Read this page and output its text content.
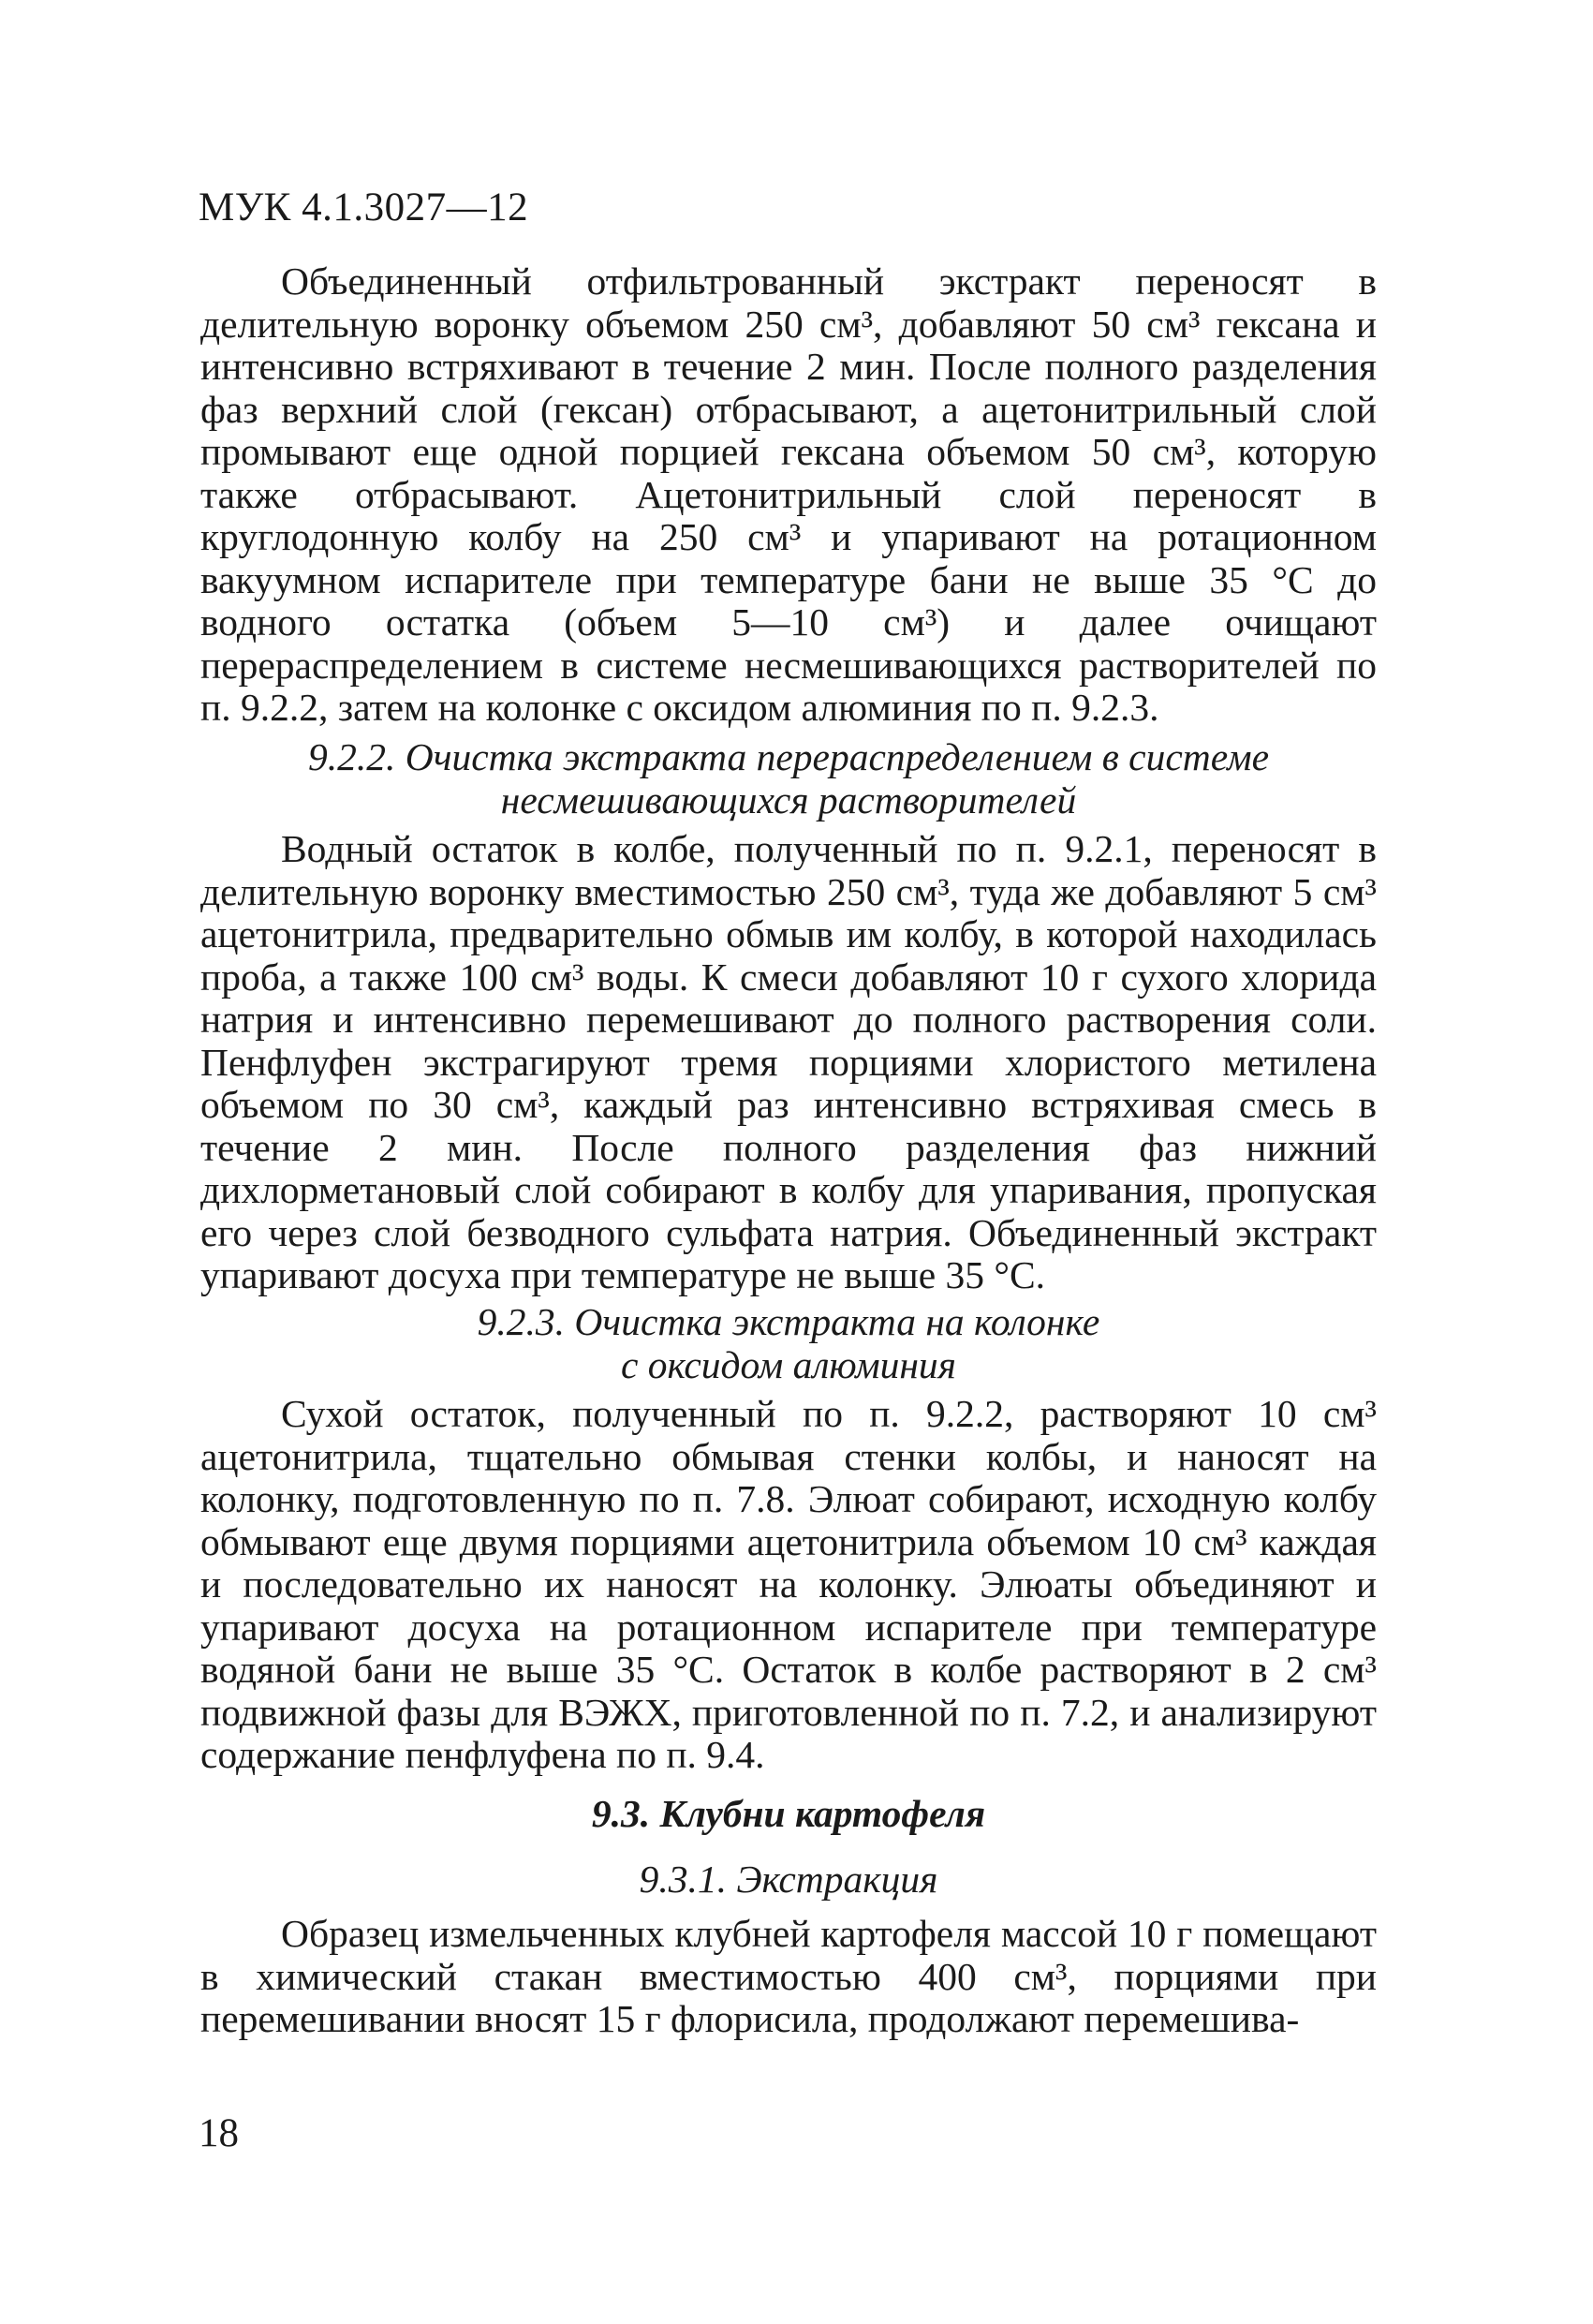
МУК 4.1.3027—12

Объединенный отфильтрованный экстракт переносят в делительную воронку объемом 250 см³, добавляют 50 см³ гексана и интенсивно встряхивают в течение 2 мин. После полного разделения фаз верхний слой (гексан) отбрасывают, а ацетонитрильный слой промывают еще одной порцией гексана объемом 50 см³, которую также отбрасывают. Ацетонитрильный слой переносят в круглодонную колбу на 250 см³ и упаривают на ротационном вакуумном испарителе при температуре бани не выше 35 °С до водного остатка (объем 5—10 см³) и далее очищают перераспределением в системе несмешивающихся растворителей по п. 9.2.2, затем на колонке с оксидом алюминия по п. 9.2.3.

9.2.2. Очистка экстракта перераспределением в системе
несмешивающихся растворителей

Водный остаток в колбе, полученный по п. 9.2.1, переносят в делительную воронку вместимостью 250 см³, туда же добавляют 5 см³ ацетонитрила, предварительно обмыв им колбу, в которой находилась проба, а также 100 см³ воды. К смеси добавляют 10 г сухого хлорида натрия и интенсивно перемешивают до полного растворения соли. Пенфлуфен экстрагируют тремя порциями хлористого метилена объемом по 30 см³, каждый раз интенсивно встряхивая смесь в течение 2 мин. После полного разделения фаз нижний дихлорметановый слой собирают в колбу для упаривания, пропуская его через слой безводного сульфата натрия. Объединенный экстракт упаривают досуха при температуре не выше 35 °С.

9.2.3. Очистка экстракта на колонке
с оксидом алюминия

Сухой остаток, полученный по п. 9.2.2, растворяют 10 см³ ацетонитрила, тщательно обмывая стенки колбы, и наносят на колонку, подготовленную по п. 7.8. Элюат собирают, исходную колбу обмывают еще двумя порциями ацетонитрила объемом 10 см³ каждая и последовательно их наносят на колонку. Элюаты объединяют и упаривают досуха на ротационном испарителе при температуре водяной бани не выше 35 °С. Остаток в колбе растворяют в 2 см³ подвижной фазы для ВЭЖХ, приготовленной по п. 7.2, и анализируют содержание пенфлуфена по п. 9.4.

9.3. Клубни картофеля
9.3.1. Экстракция

Образец измельченных клубней картофеля массой 10 г помещают в химический стакан вместимостью 400 см³, порциями при перемешивании вносят 15 г флорисила, продолжают перемешива-

18
